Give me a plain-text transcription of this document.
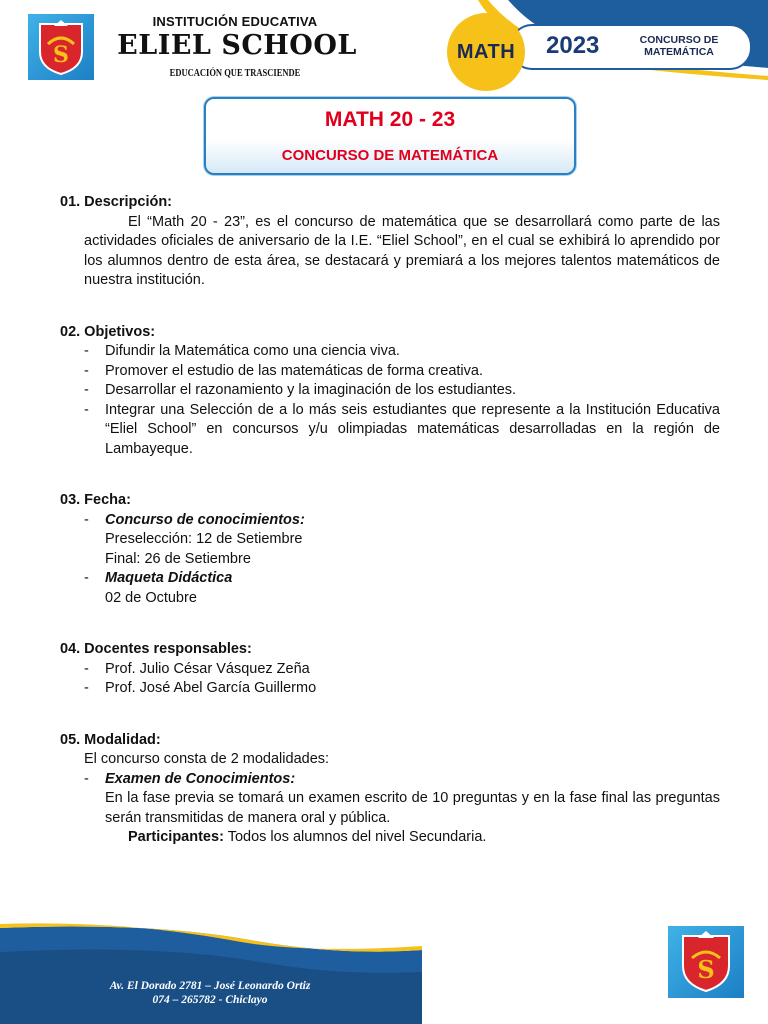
S
INSTITUCIÓN EDUCATIVA
ELIEL SCHOOL
EDUCACIÓN QUE TRASCIENDE
MATH 2023	CONCURSO DE MATEMÁTICA
MATH 20 - 23
CONCURSO DE MATEMÁTICA

01. Descripción:

El “Math 20 - 23”, es el concurso de matemática que se desarrollará como parte de las actividades oficiales de aniversario de la I.E. “Eliel School”, en el cual se exhibirá lo aprendido por los alumnos dentro de esta área, se destacará y premiará a los mejores talentos matemáticos de nuestra institución.

02. Objetivos:

- Difundir la Matemática como una ciencia viva.
- Promover el estudio de las matemáticas de forma creativa.
- Desarrollar el razonamiento y la imaginación de los estudiantes.
- Integrar una Selección de a lo más seis estudiantes que represente a la Institución Educativa “Eliel School” en concursos y/u olimpiadas matemáticas desarrolladas en la región de Lambayeque.

03. Fecha:

- Concurso de conocimientos:

Preselección: 12 de Setiembre

Final: 26 de Setiembre

- Maqueta Didáctica

02 de Octubre

04. Docentes responsables:

- Prof. Julio César Vásquez Zeña
- Prof. José Abel García Guillermo

05. Modalidad:

El concurso consta de 2 modalidades:

- Examen de Conocimientos:

En la fase previa se tomará un examen escrito de 10 preguntas y en la fase final las preguntas serán transmitidas de manera oral y pública.

Participantes: Todos los alumnos del nivel Secundaria.

Av. El Dorado 2781 – José Leonardo Ortiz
074 – 265782 - Chiclayo
S
